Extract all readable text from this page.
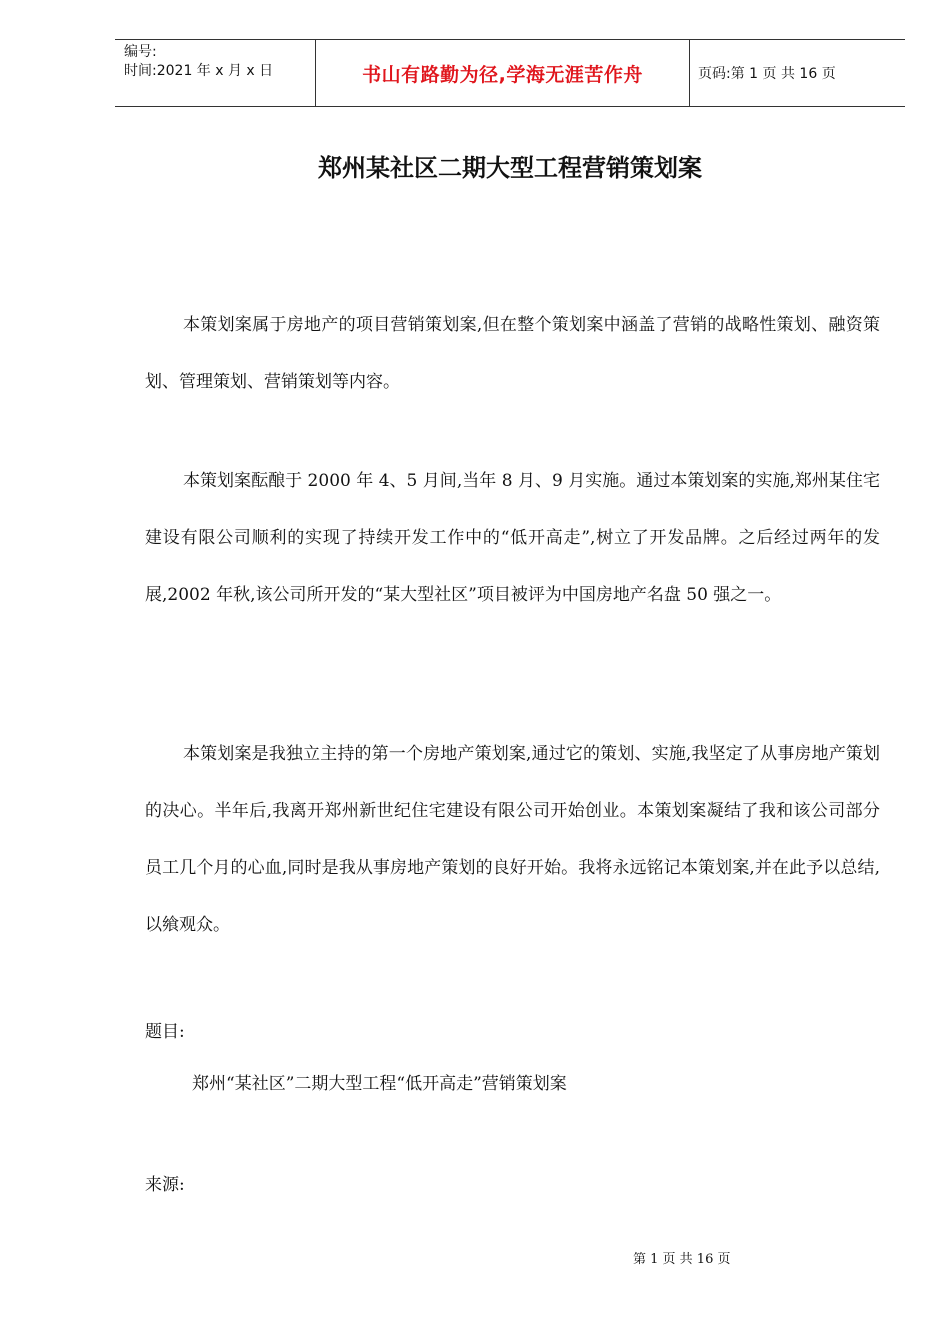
编号:
时间:2021 年 x 月 x 日	书山有路勤为径,学海无涯苦作舟	页码:第 1 页 共 16 页
郑州某社区二期大型工程营销策划案

本策划案属于房地产的项目营销策划案,但在整个策划案中涵盖了营销的战略性策划、融资策划、管理策划、营销策划等内容。

本策划案酝酿于 2000 年 4、5 月间,当年 8 月、9 月实施。通过本策划案的实施,郑州某住宅建设有限公司顺利的实现了持续开发工作中的“低开高走”,树立了开发品牌。之后经过两年的发展,2002 年秋,该公司所开发的“某大型社区”项目被评为中国房地产名盘 50 强之一。

本策划案是我独立主持的第一个房地产策划案,通过它的策划、实施,我坚定了从事房地产策划的决心。半年后,我离开郑州新世纪住宅建设有限公司开始创业。本策划案凝结了我和该公司部分员工几个月的心血,同时是我从事房地产策划的良好开始。我将永远铭记本策划案,并在此予以总结,以飨观众。

题目:

郑州“某社区”二期大型工程“低开高走”营销策划案

来源:

第 1 页 共 16 页
